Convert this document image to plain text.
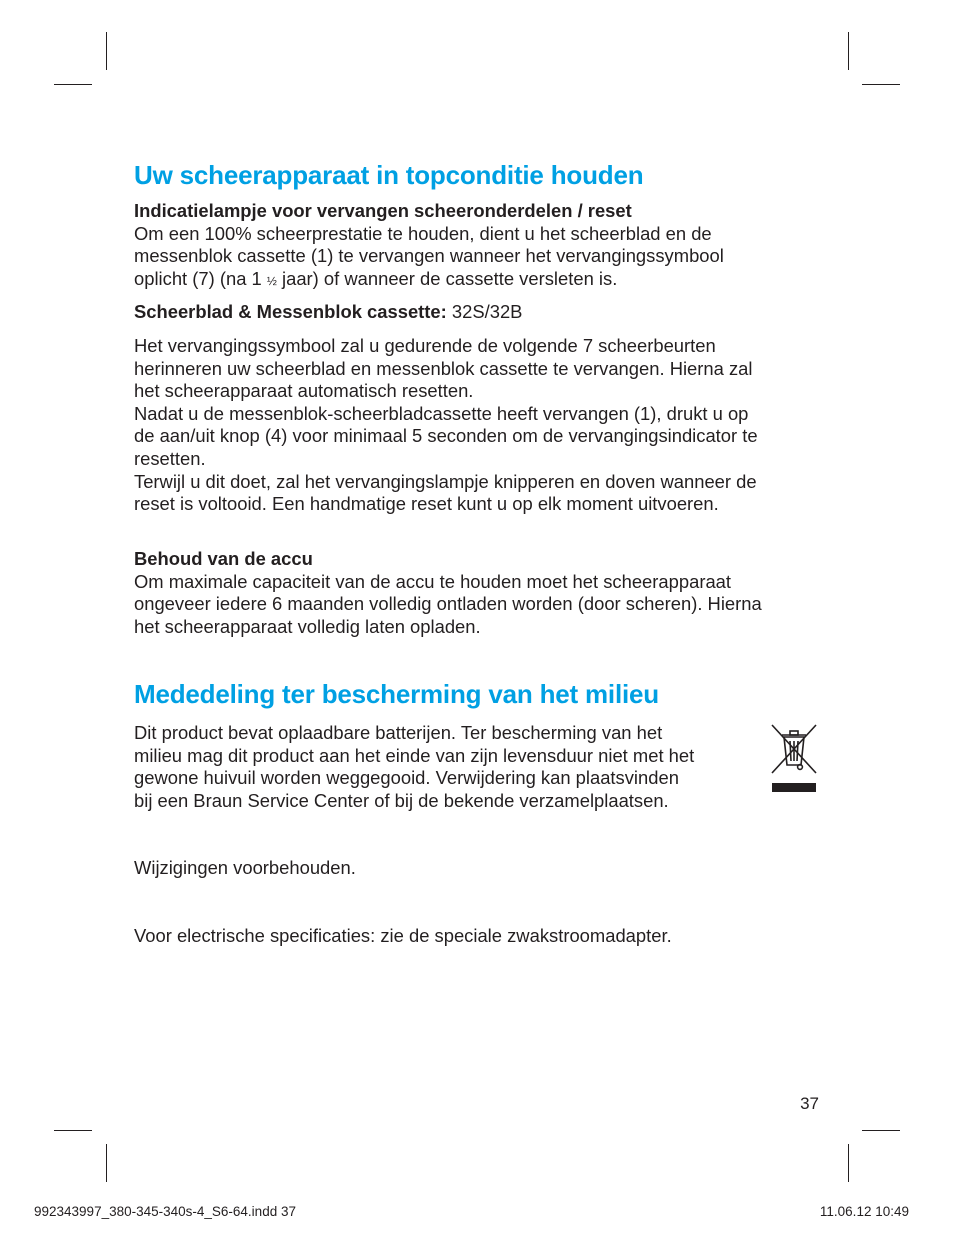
Uw scheerapparaat in topconditie houden

Indicatielampje voor vervangen scheeronderdelen / reset
Om een 100% scheerprestatie te houden, dient u het scheerblad en de
messenblok cassette (1) te vervangen wanneer het vervangingssymbool
oplicht (7) (na 1 ½ jaar) of wanneer de cassette versleten is.

Scheerblad & Messenblok cassette: 32S/32B

Het vervangingssymbool zal u gedurende de volgende 7 scheerbeurten
herinneren uw scheerblad en messenblok cassette te vervangen. Hierna zal
het scheerapparaat automatisch resetten.
Nadat u de messenblok-scheerbladcassette heeft vervangen (1), drukt u op
de aan/uit knop (4) voor minimaal 5 seconden om de vervangingsindicator te
resetten.
Terwijl u dit doet, zal het vervangingslampje knipperen en doven wanneer de
reset is voltooid. Een handmatige reset kunt u op elk moment uitvoeren.

Behoud van de accu
Om maximale capaciteit van de accu te houden moet het scheerapparaat
ongeveer iedere 6 maanden volledig ontladen worden (door scheren). Hierna
het scheerapparaat volledig laten opladen.

Mededeling ter bescherming van het milieu

Dit product bevat oplaadbare batterijen. Ter bescherming van het
milieu mag dit product aan het einde van zijn levensduur niet met het
gewone huivuil worden weggegooid. Verwijdering kan plaatsvinden
bij een Braun Service Center of bij de bekende verzamelplaatsen.

Wijzigingen voorbehouden.

Voor electrische specificaties: zie de speciale zwakstroomadapter.

37
992343997_380-345-340s-4_S6-64.indd 37	11.06.12 10:49
